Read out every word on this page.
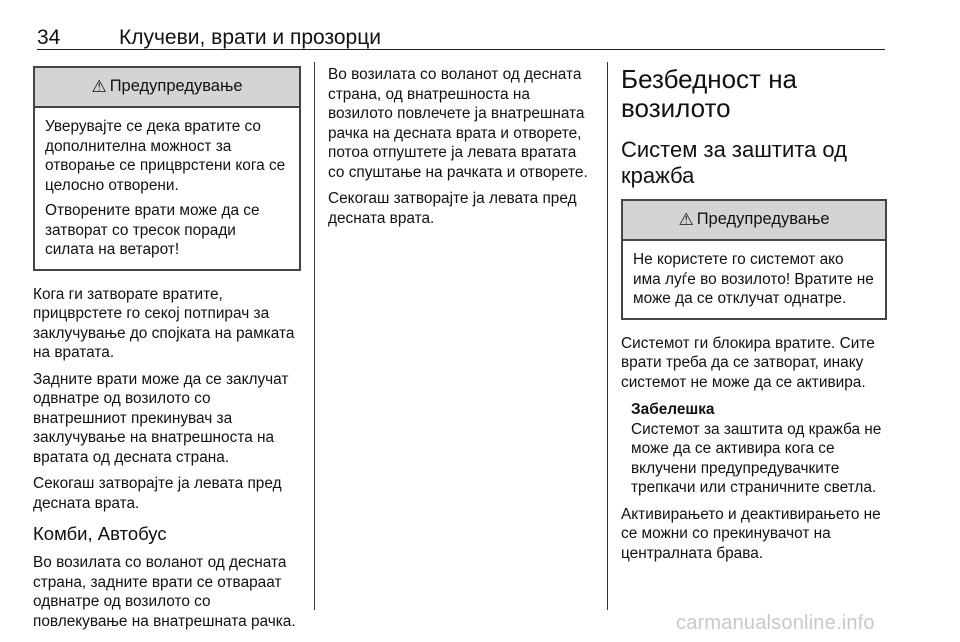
34	Клучеви, врати и прозорци
⚠ Предупредување

Уверувајте се дека вратите со дополнителна можност за отворање се прицврстени кога се целосно отворени.

Отворените врати може да се затворат со тресок поради силата на ветарот!

Кога ги затворате вратите, прицврстете го секој потпирач за заклучување до спојката на рамката на вратата.

Задните врати може да се заклучат одвнатре од возилото со внатрешниот прекинувач за заклучување на внатрешноста на вратата од десната страна.

Секогаш затворајте ја левата пред десната врата.

Комби, Автобус

Во возилата со воланот од десната страна, задните врати се отвараат одвнатре од возилото со повлекување на внатрешната рачка.

Во возилата со воланот од десната страна, од внатрешноста на возилото повлечете ја внатрешната рачка на десната врата и отворете, потоа отпуштете ја левата вратата со спуштање на рачката и отворете.

Секогаш затворајте ја левата пред десната врата.

Безбедност на возилото
Систем за заштита од кражба
⚠ Предупредување

Не користете го системот ако има луѓе во возилото! Вратите не може да се отклучат однатре.

Системот ги блокира вратите. Сите врати треба да се затворат, инаку системот не може да се активира.

Забелешка

Системот за заштита од кражба не може да се активира кога се вклучени предупредувачките трепкачи или страничните светла.

Активирањето и деактивирањето не се можни со прекинувачот на централната брава.

carmanualsonline.info
